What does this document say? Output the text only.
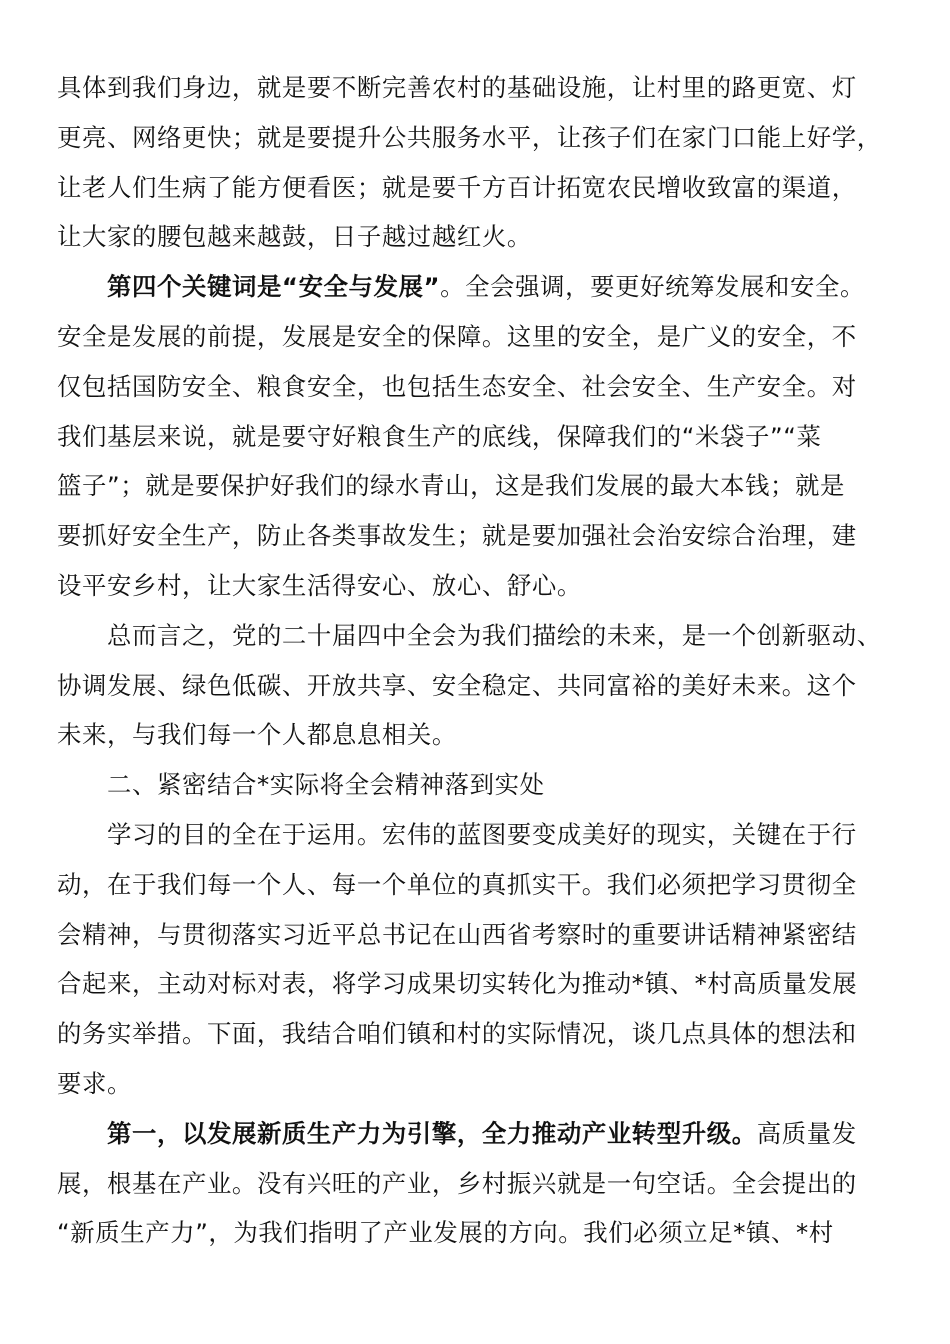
具体到我们身边，就是要不断完善农村的基础设施，让村里的路更宽、灯
更亮、网络更快；就是要提升公共服务水平，让孩子们在家门口能上好学，
让老人们生病了能方便看医；就是要千方百计拓宽农民增收致富的渠道，
让大家的腰包越来越鼓，日子越过越红火。
第四个关键词是“安全与发展”。全会强调，要更好统筹发展和安全。
安全是发展的前提，发展是安全的保障。这里的安全，是广义的安全，不
仅包括国防安全、粮食安全，也包括生态安全、社会安全、生产安全。对
我们基层来说，就是要守好粮食生产的底线，保障我们的“米袋子”“菜
篮子”；就是要保护好我们的绿水青山，这是我们发展的最大本钱；就是
要抓好安全生产，防止各类事故发生；就是要加强社会治安综合治理，建
设平安乡村，让大家生活得安心、放心、舒心。
总而言之，党的二十届四中全会为我们描绘的未来，是一个创新驱动、
协调发展、绿色低碳、开放共享、安全稳定、共同富裕的美好未来。这个
未来，与我们每一个人都息息相关。
二、紧密结合*实际将全会精神落到实处
学习的目的全在于运用。宏伟的蓝图要变成美好的现实，关键在于行
动，在于我们每一个人、每一个单位的真抓实干。我们必须把学习贯彻全
会精神，与贯彻落实习近平总书记在山西省考察时的重要讲话精神紧密结
合起来，主动对标对表，将学习成果切实转化为推动*镇、*村高质量发展
的务实举措。下面，我结合咱们镇和村的实际情况，谈几点具体的想法和
要求。
第一，以发展新质生产力为引擎，全力推动产业转型升级。高质量发
展，根基在产业。没有兴旺的产业，乡村振兴就是一句空话。全会提出的
“新质生产力”，为我们指明了产业发展的方向。我们必须立足*镇、*村
